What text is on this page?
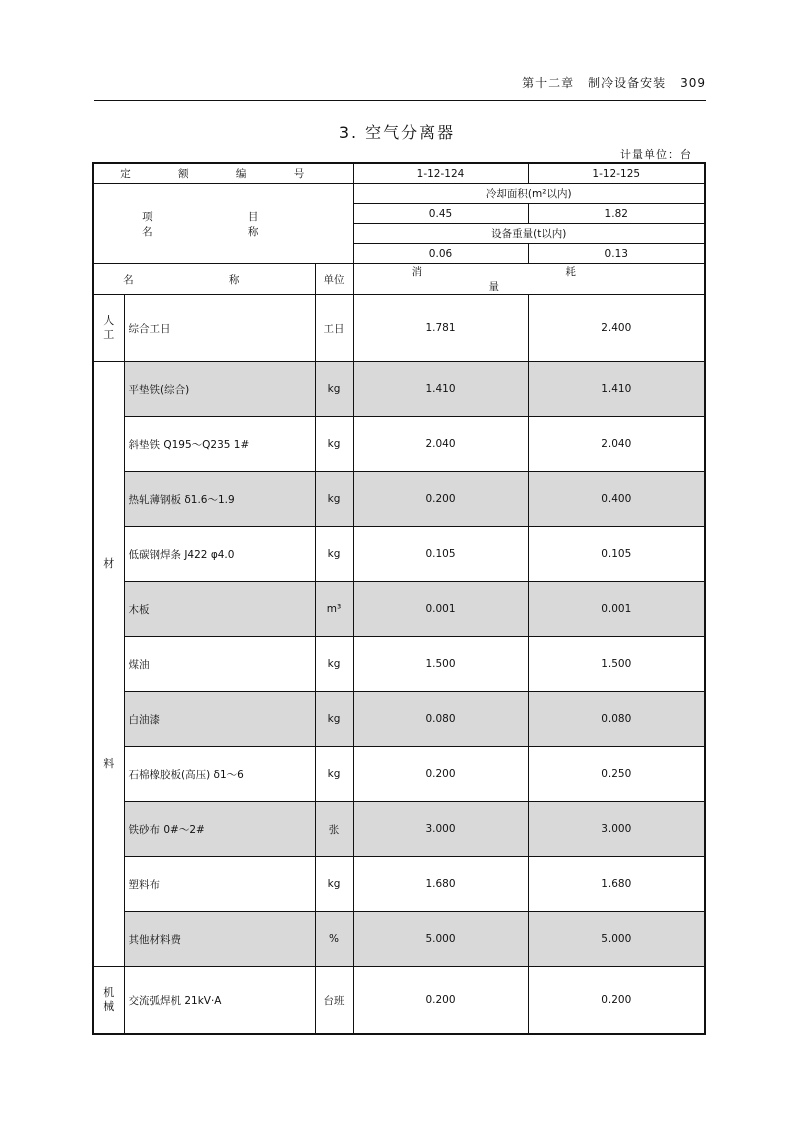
第十二章 制冷设备安装 309
3. 空气分离器
计量单位：台
定 额 编 号			1-12-124	1-12-125
项 目 名 称			冷却面积(m²以内)	
			0.45	1.82
			设备重量(t以内)	
			0.06	0.13
名 称		单位	消 耗 量	

人工	综合工日	工日	1.781	2.400

材
料	平垫铁(综合)	kg	1.410	1.410
	斜垫铁 Q195～Q235 1#	kg	2.040	2.040
	热轧薄钢板 δ1.6～1.9	kg	0.200	0.400
	低碳钢焊条 J422 φ4.0	kg	0.105	0.105
	木板	m³	0.001	0.001
	煤油	kg	1.500	1.500
	白油漆	kg	0.080	0.080
	石棉橡胶板(高压) δ1～6	kg	0.200	0.250
	铁砂布 0#～2#	张	3.000	3.000
	塑料布	kg	1.680	1.680
	其他材料费	%	5.000	5.000

机械	交流弧焊机 21kV·A	台班	0.200	0.200
